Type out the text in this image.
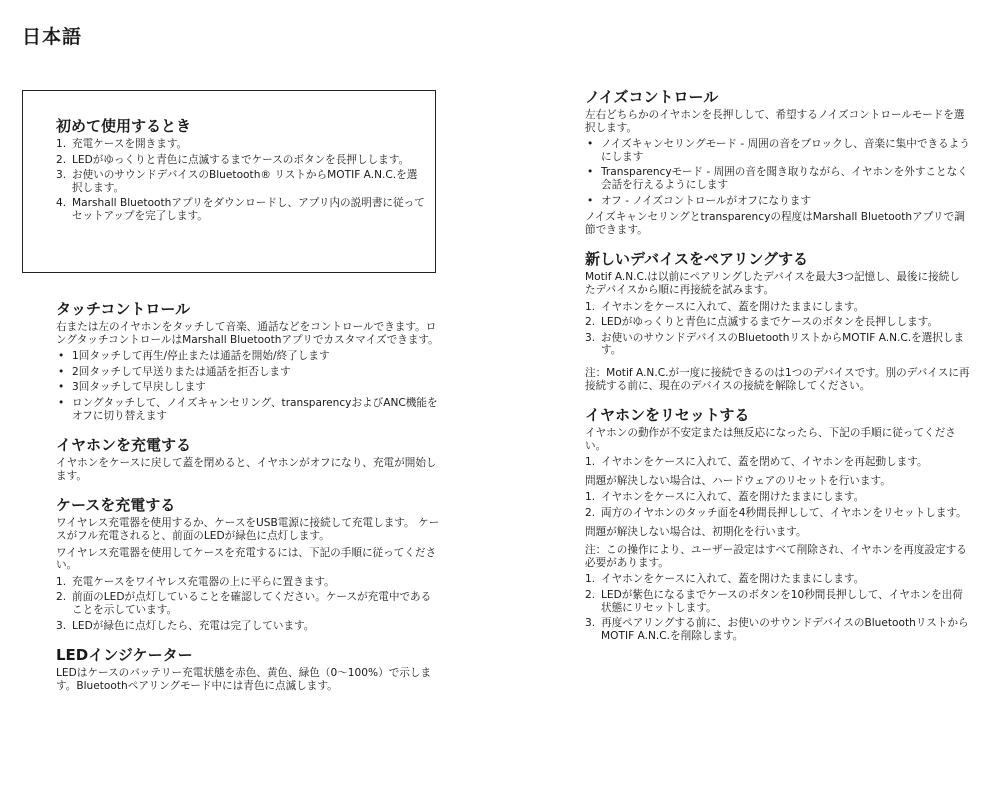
日本語
初めて使用するとき
1. 充電ケースを開きます。
2. LEDがゆっくりと青色に点滅するまでケースのボタンを長押しします。
3. お使いのサウンドデバイスのBluetooth® リストからMOTIF A.N.C.を選択します。
4. Marshall Bluetoothアプリをダウンロードし、アプリ内の説明書に従ってセットアップを完了します。
タッチコントロール

右または左のイヤホンをタッチして音楽、通話などをコントロールできます。ロングタッチコントロールはMarshall Bluetoothアプリでカスタマイズできます。

• 1回タッチして再生/停止または通話を開始/終了します
• 2回タッチして早送りまたは通話を拒否します
• 3回タッチして早戻しします
• ロングタッチして、ノイズキャンセリング、transparencyおよびANC機能をオフに切り替えます
イヤホンを充電する

イヤホンをケースに戻して蓋を閉めると、イヤホンがオフになり、充電が開始します。

ケースを充電する

ワイヤレス充電器を使用するか、ケースをUSB電源に接続して充電します。 ケースがフル充電されると、前面のLEDが緑色に点灯します。

ワイヤレス充電器を使用してケースを充電するには、下記の手順に従ってください。

1. 充電ケースをワイヤレス充電器の上に平らに置きます。
2. 前面のLEDが点灯していることを確認してください。ケースが充電中であることを示しています。
3. LEDが緑色に点灯したら、充電は完了しています。
LEDインジケーター

LEDはケースのバッテリー充電状態を赤色、黄色、緑色（0〜100%）で示します。Bluetoothペアリングモード中には青色に点滅します。

ノイズコントロール

左右どちらかのイヤホンを長押しして、希望するノイズコントロールモードを選択します。

• ノイズキャンセリングモード - 周囲の音をブロックし、音楽に集中できるようにします
• Transparencyモード - 周囲の音を聞き取りながら、イヤホンを外すことなく会話を行えるようにします
• オフ - ノイズコントロールがオフになります

ノイズキャンセリングとtransparencyの程度はMarshall Bluetoothアプリで調節できます。

新しいデバイスをペアリングする

Motif A.N.C.は以前にペアリングしたデバイスを最大3つ記憶し、最後に接続したデバイスから順に再接続を試みます。

1. イヤホンをケースに入れて、蓋を開けたままにします。
2. LEDがゆっくりと青色に点滅するまでケースのボタンを長押しします。
3. お使いのサウンドデバイスのBluetoothリストからMOTIF A.N.C.を選択します。

注：Motif A.N.C.が一度に接続できるのは1つのデバイスです。別のデバイスに再接続する前に、現在のデバイスの接続を解除してください。

イヤホンをリセットする

イヤホンの動作が不安定または無反応になったら、下記の手順に従ってください。

1. イヤホンをケースに入れて、蓋を閉めて、イヤホンを再起動します。

問題が解決しない場合は、ハードウェアのリセットを行います。

1. イヤホンをケースに入れて、蓋を開けたままにします。
2. 両方のイヤホンのタッチ面を4秒間長押しして、イヤホンをリセットします。

問題が解決しない場合は、初期化を行います。

注：この操作により、ユーザー設定はすべて削除され、イヤホンを再度設定する必要があります。

1. イヤホンをケースに入れて、蓋を開けたままにします。
2. LEDが紫色になるまでケースのボタンを10秒間長押しして、イヤホンを出荷状態にリセットします。
3. 再度ペアリングする前に、お使いのサウンドデバイスのBluetoothリストからMOTIF A.N.C.を削除します。
